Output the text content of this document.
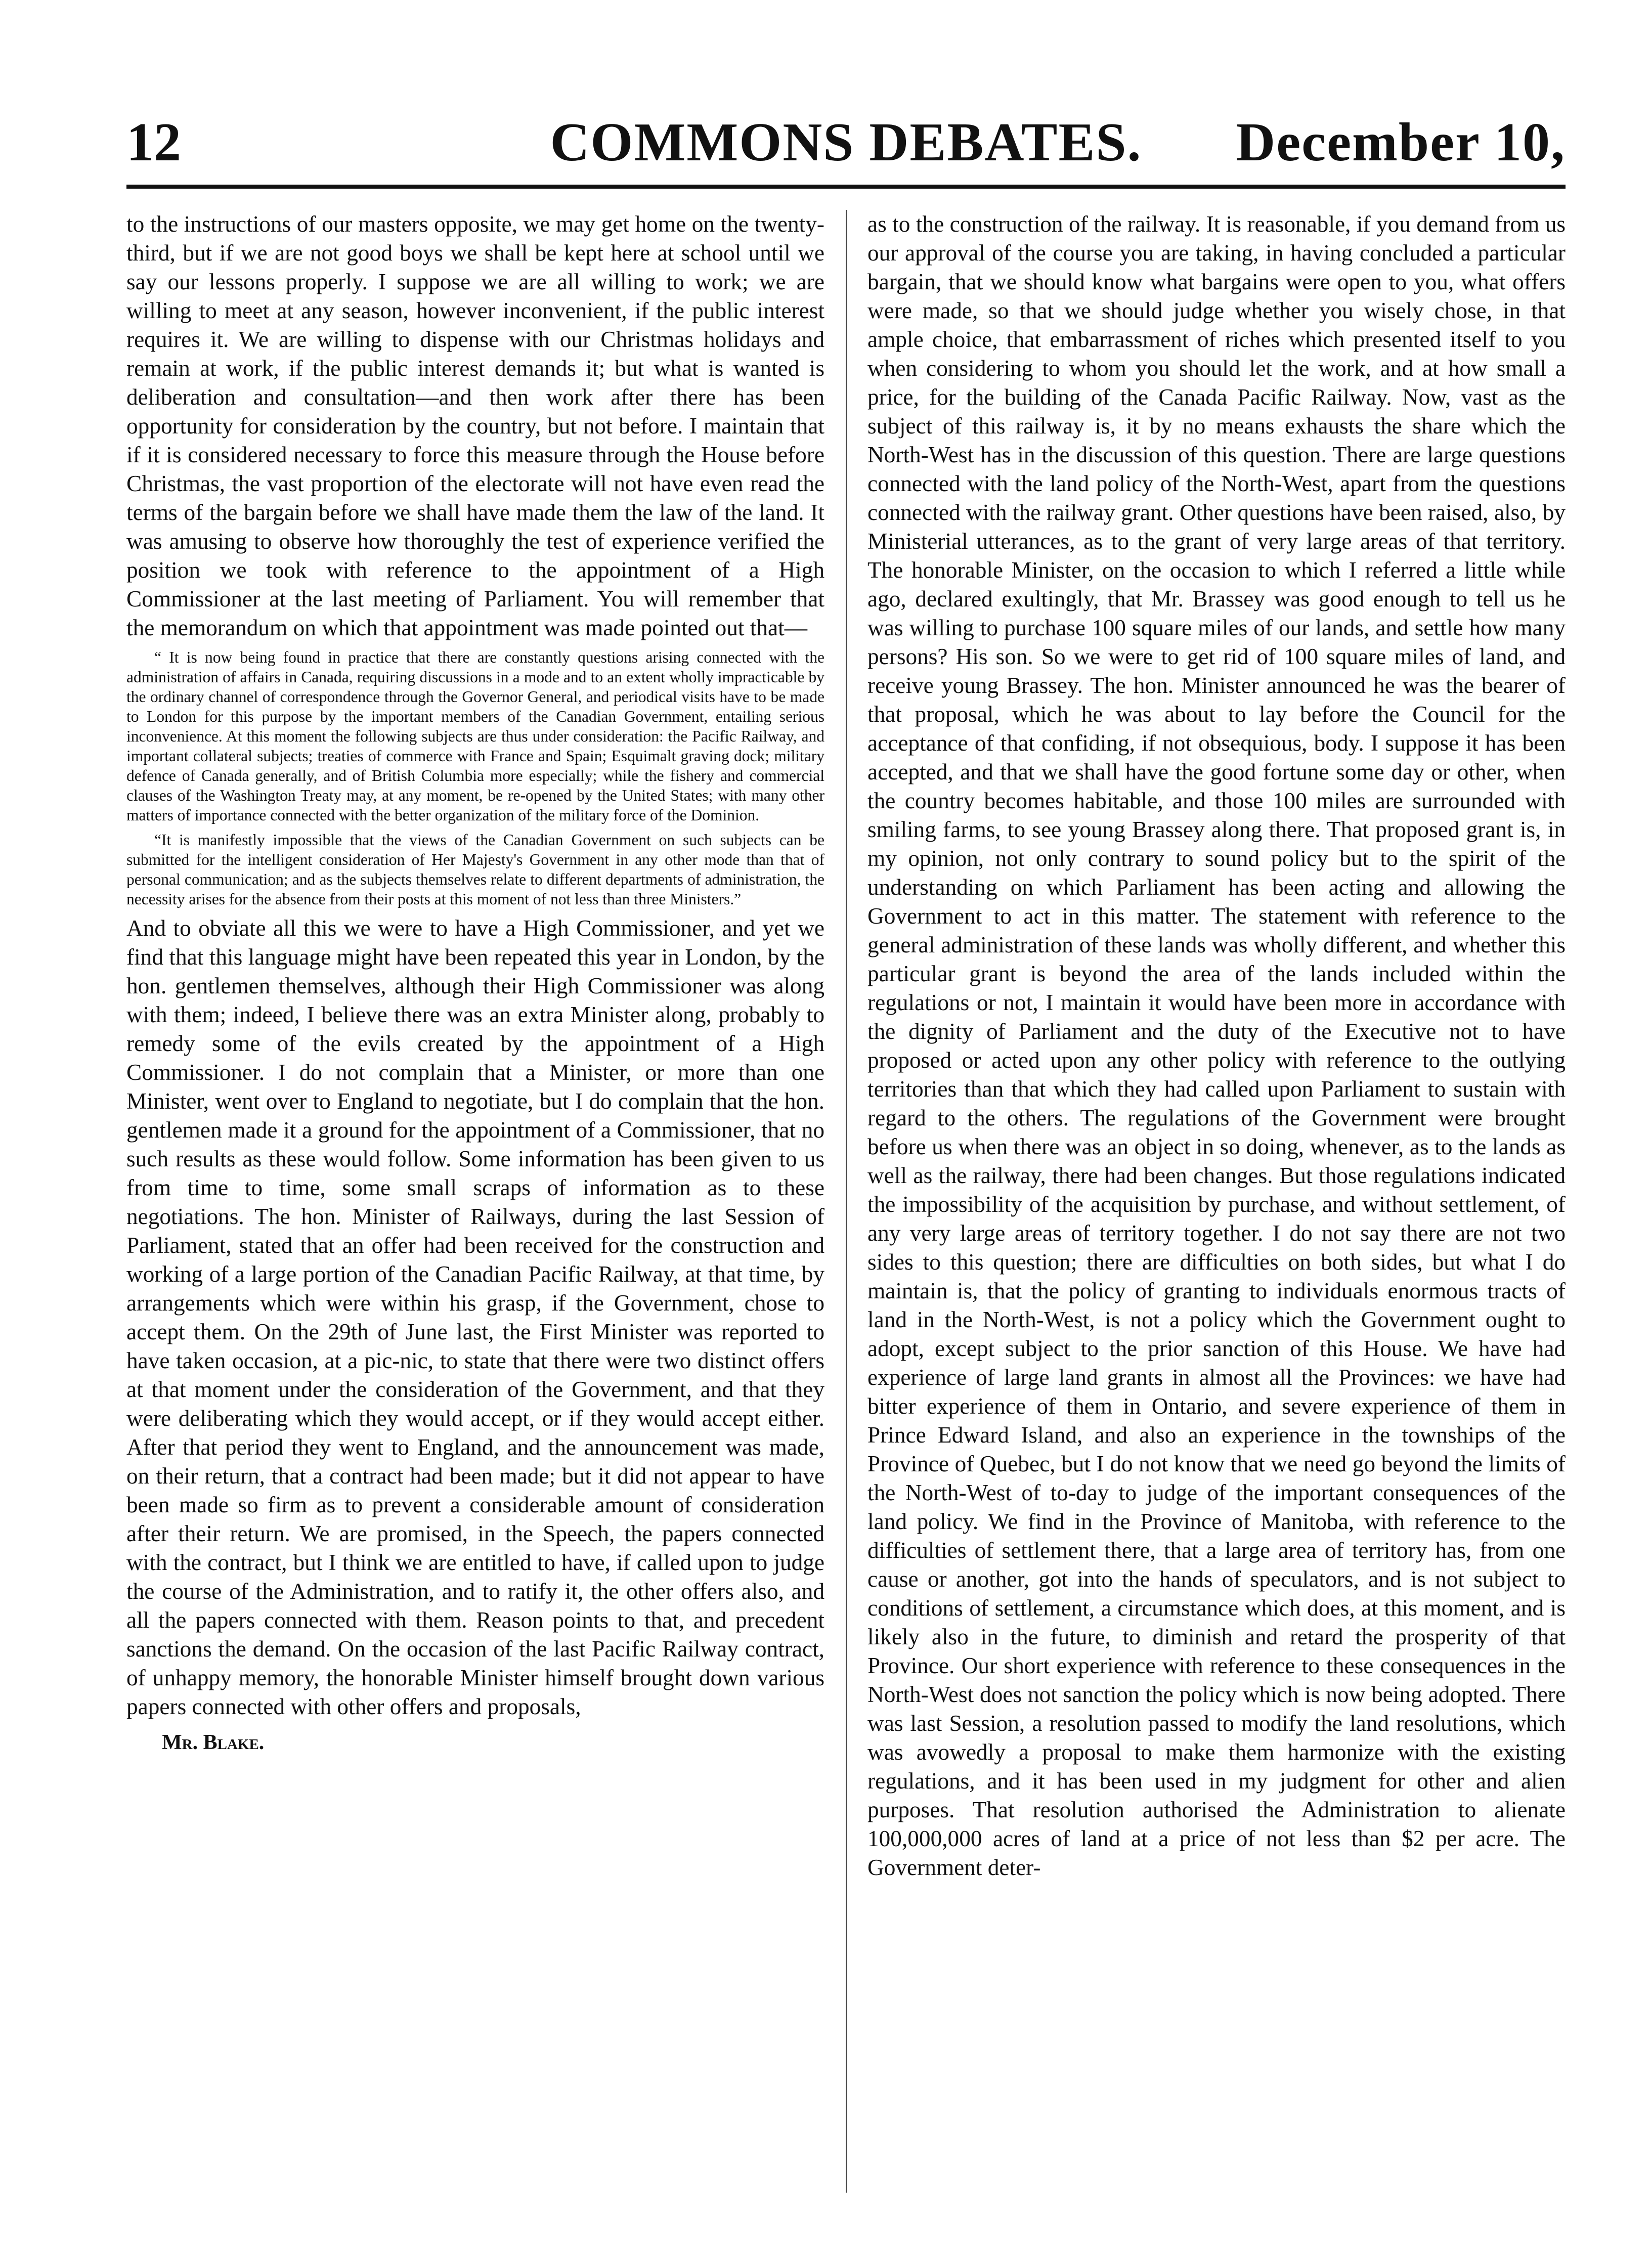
12	COMMONS DEBATES.	December 10,

to the instructions of our masters opposite, we may get home on the twenty-third, but if we are not good boys we shall be kept here at school until we say our lessons properly. I suppose we are all willing to work; we are willing to meet at any season, however inconvenient, if the public interest requires it. We are willing to dispense with our Christmas holidays and remain at work, if the public interest demands it; but what is wanted is deliberation and consultation—and then work after there has been opportunity for consideration by the country, but not before. I maintain that if it is considered necessary to force this measure through the House before Christmas, the vast proportion of the electorate will not have even read the terms of the bargain before we shall have made them the law of the land. It was amusing to observe how thoroughly the test of experience verified the position we took with reference to the appointment of a High Commissioner at the last meeting of Parliament. You will remember that the memorandum on which that appointment was made pointed out that—

“ It is now being found in practice that there are constantly questions arising connected with the administration of affairs in Canada, requiring discussions in a mode and to an extent wholly impracticable by the ordinary channel of correspondence through the Governor General, and periodical visits have to be made to London for this purpose by the important members of the Canadian Government, entailing serious inconvenience. At this moment the following subjects are thus under consideration: the Pacific Railway, and important collateral subjects; treaties of commerce with France and Spain; Esquimalt graving dock; military defence of Canada generally, and of British Columbia more especially; while the fishery and commercial clauses of the Washington Treaty may, at any moment, be re-opened by the United States; with many other matters of importance connected with the better organization of the military force of the Dominion.

“It is manifestly impossible that the views of the Canadian Government on such subjects can be submitted for the intelligent consideration of Her Majesty's Government in any other mode than that of personal communication; and as the subjects themselves relate to different departments of administration, the necessity arises for the absence from their posts at this moment of not less than three Ministers.”

And to obviate all this we were to have a High Commissioner, and yet we find that this language might have been repeated this year in London, by the hon. gentlemen themselves, although their High Commissioner was along with them; indeed, I believe there was an extra Minister along, probably to remedy some of the evils created by the appointment of a High Commissioner. I do not complain that a Minister, or more than one Minister, went over to England to negotiate, but I do complain that the hon. gentlemen made it a ground for the appointment of a Commissioner, that no such results as these would follow. Some information has been given to us from time to time, some small scraps of information as to these negotiations. The hon. Minister of Railways, during the last Session of Parliament, stated that an offer had been received for the construction and working of a large portion of the Canadian Pacific Railway, at that time, by arrangements which were within his grasp, if the Government, chose to accept them. On the 29th of June last, the First Minister was reported to have taken occasion, at a pic-nic, to state that there were two distinct offers at that moment under the consideration of the Government, and that they were deliberating which they would accept, or if they would accept either. After that period they went to England, and the announcement was made, on their return, that a contract had been made; but it did not appear to have been made so firm as to prevent a considerable amount of consideration after their return. We are promised, in the Speech, the papers connected with the contract, but I think we are entitled to have, if called upon to judge the course of the Administration, and to ratify it, the other offers also, and all the papers connected with them. Reason points to that, and precedent sanctions the demand. On the occasion of the last Pacific Railway contract, of unhappy memory, the honorable Minister himself brought down various papers connected with other offers and proposals,

Mr. Blake.

as to the construction of the railway. It is reasonable, if you demand from us our approval of the course you are taking, in having concluded a particular bargain, that we should know what bargains were open to you, what offers were made, so that we should judge whether you wisely chose, in that ample choice, that embarrassment of riches which presented itself to you when considering to whom you should let the work, and at how small a price, for the building of the Canada Pacific Railway. Now, vast as the subject of this railway is, it by no means exhausts the share which the North-West has in the discussion of this question. There are large questions connected with the land policy of the North-West, apart from the questions connected with the railway grant. Other questions have been raised, also, by Ministerial utterances, as to the grant of very large areas of that territory. The honorable Minister, on the occasion to which I referred a little while ago, declared exultingly, that Mr. Brassey was good enough to tell us he was willing to purchase 100 square miles of our lands, and settle how many persons? His son. So we were to get rid of 100 square miles of land, and receive young Brassey. The hon. Minister announced he was the bearer of that proposal, which he was about to lay before the Council for the acceptance of that confiding, if not obsequious, body. I suppose it has been accepted, and that we shall have the good fortune some day or other, when the country becomes habitable, and those 100 miles are surrounded with smiling farms, to see young Brassey along there. That proposed grant is, in my opinion, not only contrary to sound policy but to the spirit of the understanding on which Parliament has been acting and allowing the Government to act in this matter. The statement with reference to the general administration of these lands was wholly different, and whether this particular grant is beyond the area of the lands included within the regulations or not, I maintain it would have been more in accordance with the dignity of Parliament and the duty of the Executive not to have proposed or acted upon any other policy with reference to the outlying territories than that which they had called upon Parliament to sustain with regard to the others. The regulations of the Government were brought before us when there was an object in so doing, whenever, as to the lands as well as the railway, there had been changes. But those regulations indicated the impossibility of the acquisition by purchase, and without settlement, of any very large areas of territory together. I do not say there are not two sides to this question; there are difficulties on both sides, but what I do maintain is, that the policy of granting to individuals enormous tracts of land in the North-West, is not a policy which the Government ought to adopt, except subject to the prior sanction of this House. We have had experience of large land grants in almost all the Provinces: we have had bitter experience of them in Ontario, and severe experience of them in Prince Edward Island, and also an experience in the townships of the Province of Quebec, but I do not know that we need go beyond the limits of the North-West of to-day to judge of the important consequences of the land policy. We find in the Province of Manitoba, with reference to the difficulties of settlement there, that a large area of territory has, from one cause or another, got into the hands of speculators, and is not subject to conditions of settlement, a circumstance which does, at this moment, and is likely also in the future, to diminish and retard the prosperity of that Province. Our short experience with reference to these consequences in the North-West does not sanction the policy which is now being adopted. There was last Session, a resolution passed to modify the land resolutions, which was avowedly a proposal to make them harmonize with the existing regulations, and it has been used in my judgment for other and alien purposes. That resolution authorised the Administration to alienate 100,000,000 acres of land at a price of not less than $2 per acre. The Government deter-
